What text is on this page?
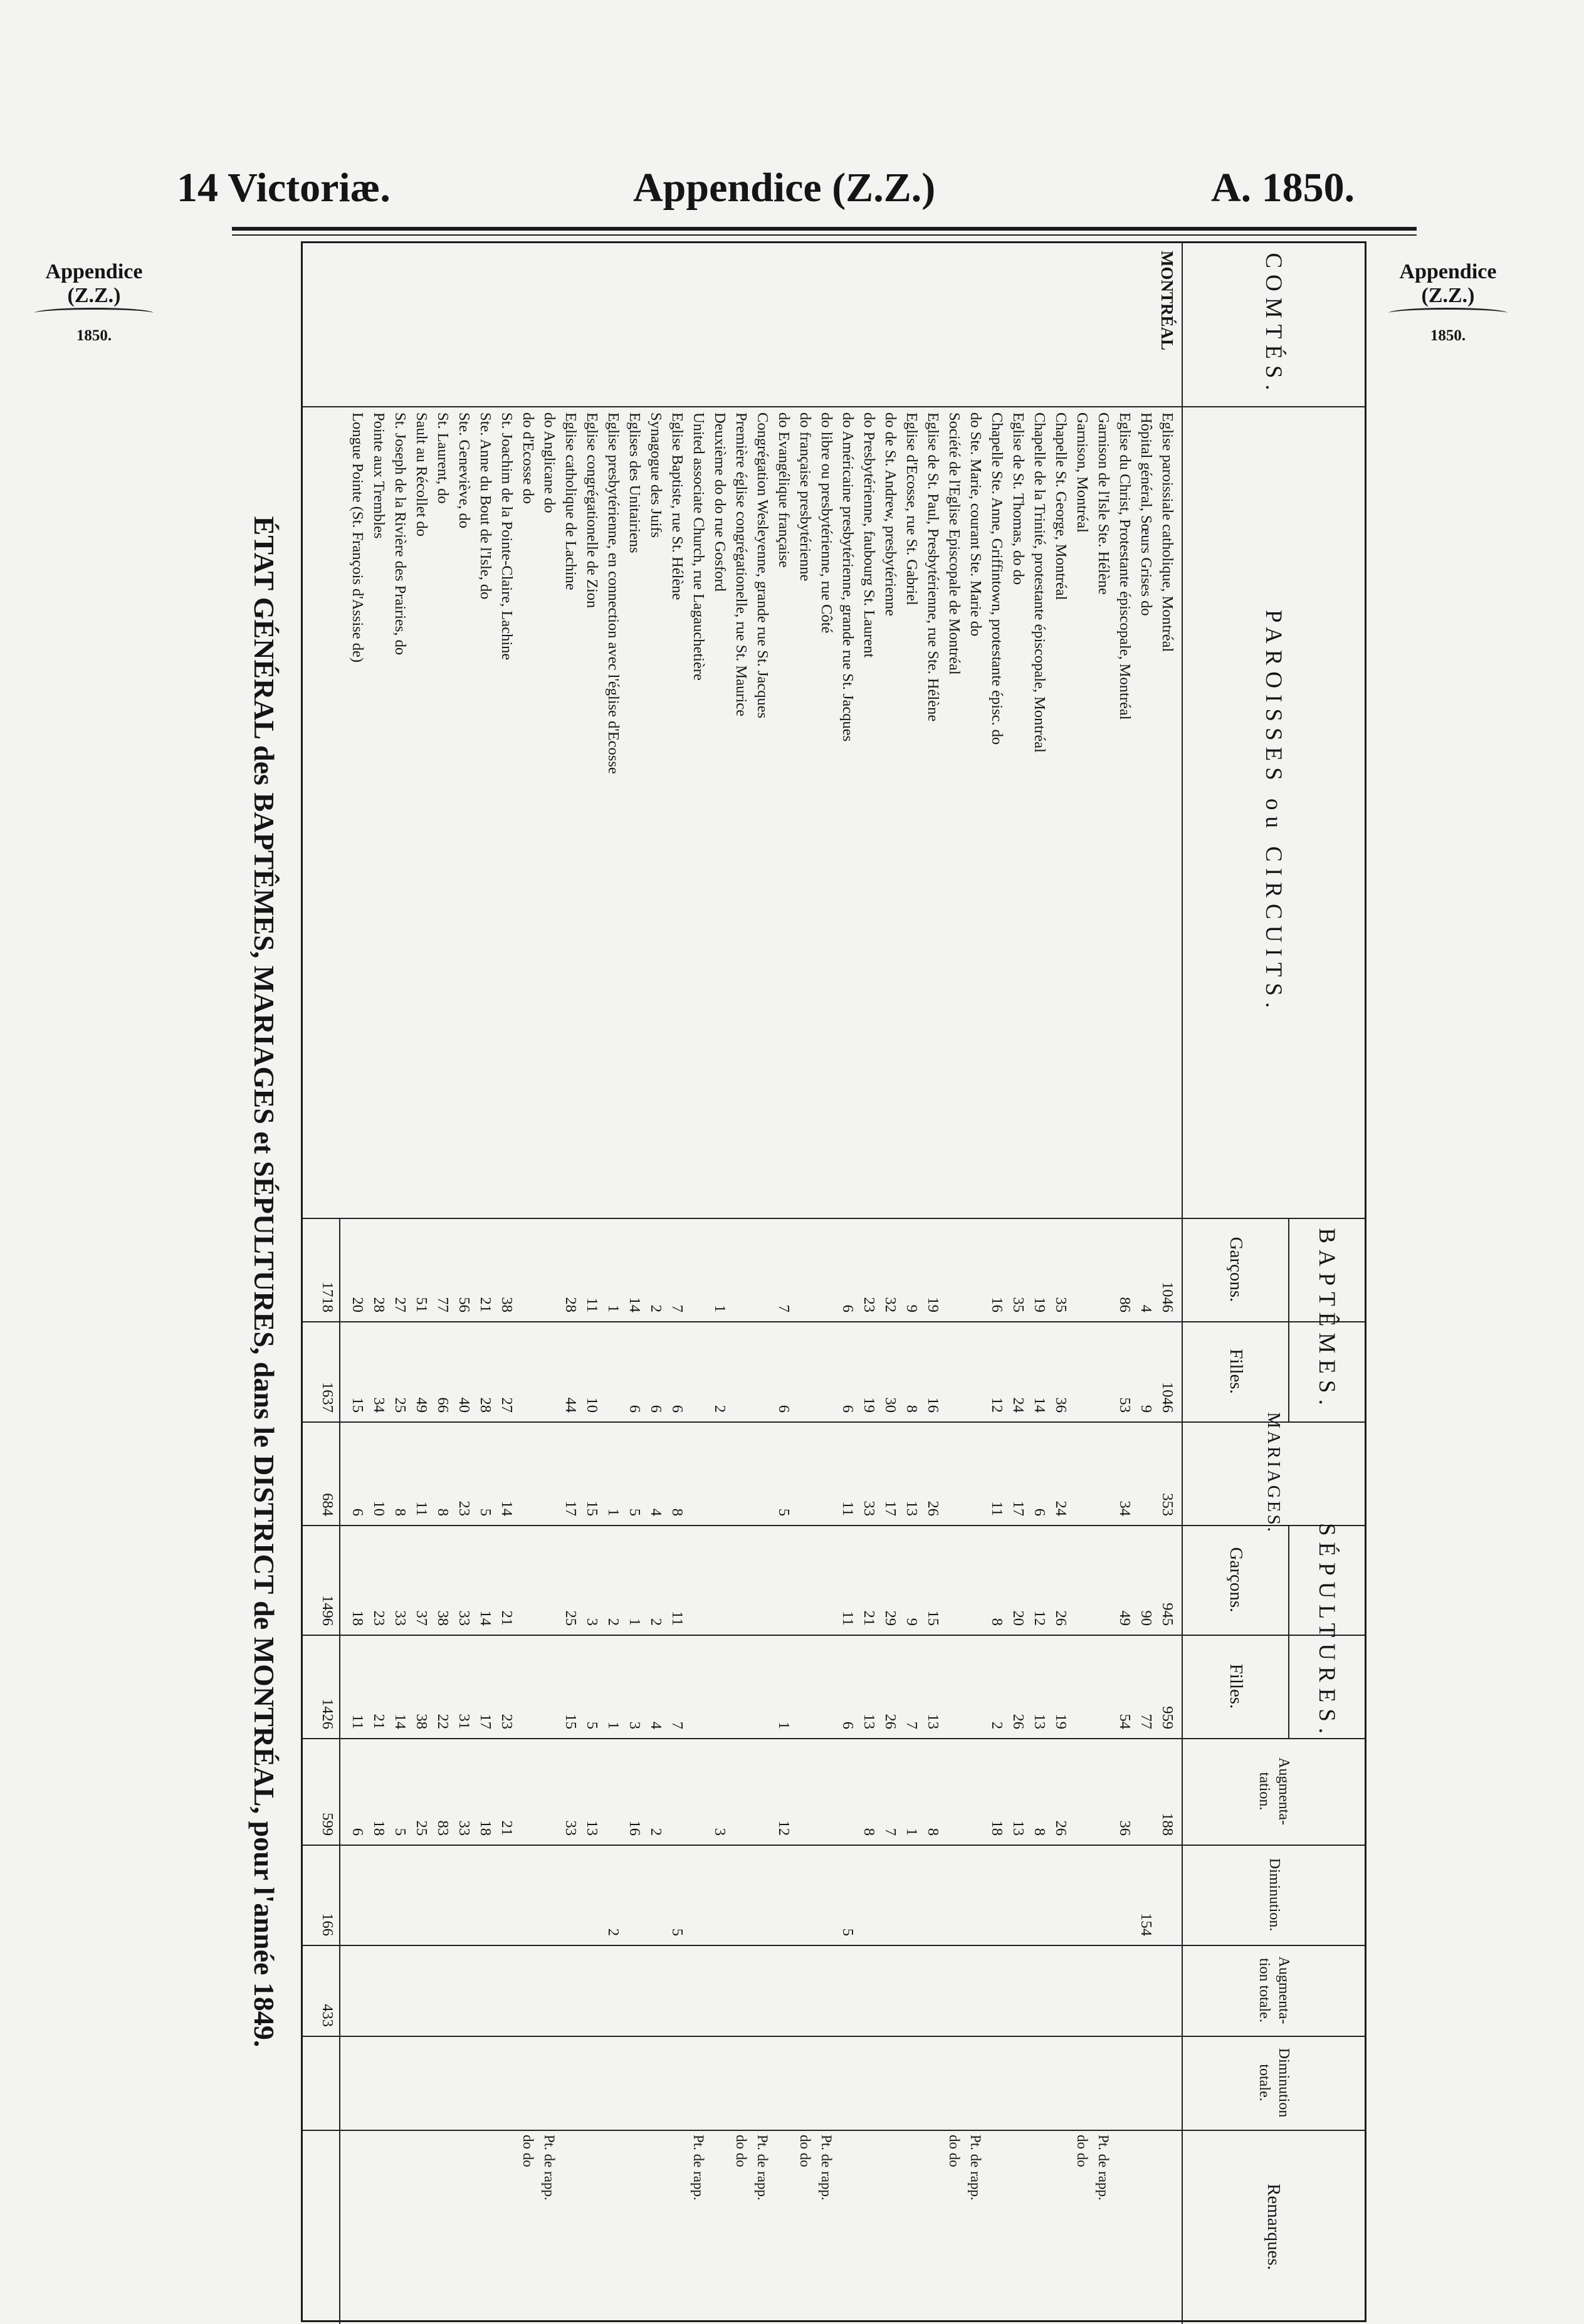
14 Victoriæ.	Appendice (Z.Z.)	A. 1850.
Appendice
(Z.Z.)
1850.
Appendice
(Z.Z.)
1850.
COMTÉS.
PAROISSES ou CIRCUITS.
BAPTÊMES.
Garçons.
Filles.
MARIAGES.
SÉPULTURES.
Garçons.
Filles.
Augmenta- tation.
Diminution.
Augmenta- tion totale.
Diminution totale.
Remarques.
MONTRÉAL
Eglise paroissiale catholique, Montréal
1046
1046
353
945
959
188
Hôpital général, Sœurs Grises do
4
9
90
77
154
Eglise du Christ, Protestante épiscopale, Montréal
86
53
34
49
54
36
Garnison de l'Isle Ste. Hélène
Pt. de rapp.
Garnison, Montréal
do do
Chapelle St. George, Montréal
35
36
24
26
19
26
Chapelle de la Trinité, protestante épiscopale, Montréal
19
14
6
12
13
8
Eglise de St. Thomas, do do
35
24
17
20
26
13
Chapelle Ste. Anne, Griffintown, protestante épisc. do
16
12
11
8
2
18
do Ste. Marie, courant Ste. Marie do
Pt. de rapp.
Société de l'Eglise Episcopale de Montréal
do do
Eglise de St. Paul, Presbytérienne, rue Ste. Hélène
19
16
26
15
13
8
Eglise d'Ecosse, rue St. Gabriel
9
8
13
9
7
1
do de St. Andrew, presbytérienne
32
30
17
29
26
7
do Presbytérienne, faubourg St. Laurent
23
19
33
21
13
8
do Américaine presbytérienne, grande rue St. Jacques
6
6
11
11
6
5
do libre ou presbytérienne, rue Côté
Pt. de rapp.
do française presbytérienne
do do
do Evangélique française
7
6
5
1
12
Congrégation Wesleyenne, grande rue St. Jacques
Pt. de rapp.
Première église congrégationelle, rue St. Maurice
do do
Deuxième do do rue Gosford
1
2
3
United associate Church, rue Lagauchetière
Pt. de rapp.
Eglise Baptiste, rue St. Hélène
7
6
8
11
7
5
Synagogue des Juifs
2
6
4
2
4
2
Eglises des Unitairiens
14
6
5
1
3
16
Eglise presbytérienne, en connection avec l'église d'Ecosse
1
1
2
1
2
Eglise congrégationelle de Zion
11
10
15
3
5
13
Eglise catholique de Lachine
28
44
17
25
15
33
do Anglicane do
Pt. de rapp.
do d'Ecosse do
do do
St. Joachim de la Pointe-Claire, Lachine
38
27
14
21
23
21
Ste. Anne du Bout de l'Isle, do
21
28
5
14
17
18
Ste. Geneviève, do
56
40
23
33
31
33
St. Laurent, do
77
66
8
38
22
83
Sault au Récollet do
51
49
11
37
38
25
St. Joseph de la Rivière des Prairies, do
27
25
8
33
14
5
Pointe aux Trembles
28
34
10
23
21
18
Longue Pointe (St. François d'Assise de)
20
15
6
18
11
6
1718
1637
684
1496
1426
599
166
433
ÉTAT GÉNÉRAL des BAPTÊMES, MARIAGES et SÉPULTURES, dans le DISTRICT de MONTRÉAL, pour l'année 1849.
